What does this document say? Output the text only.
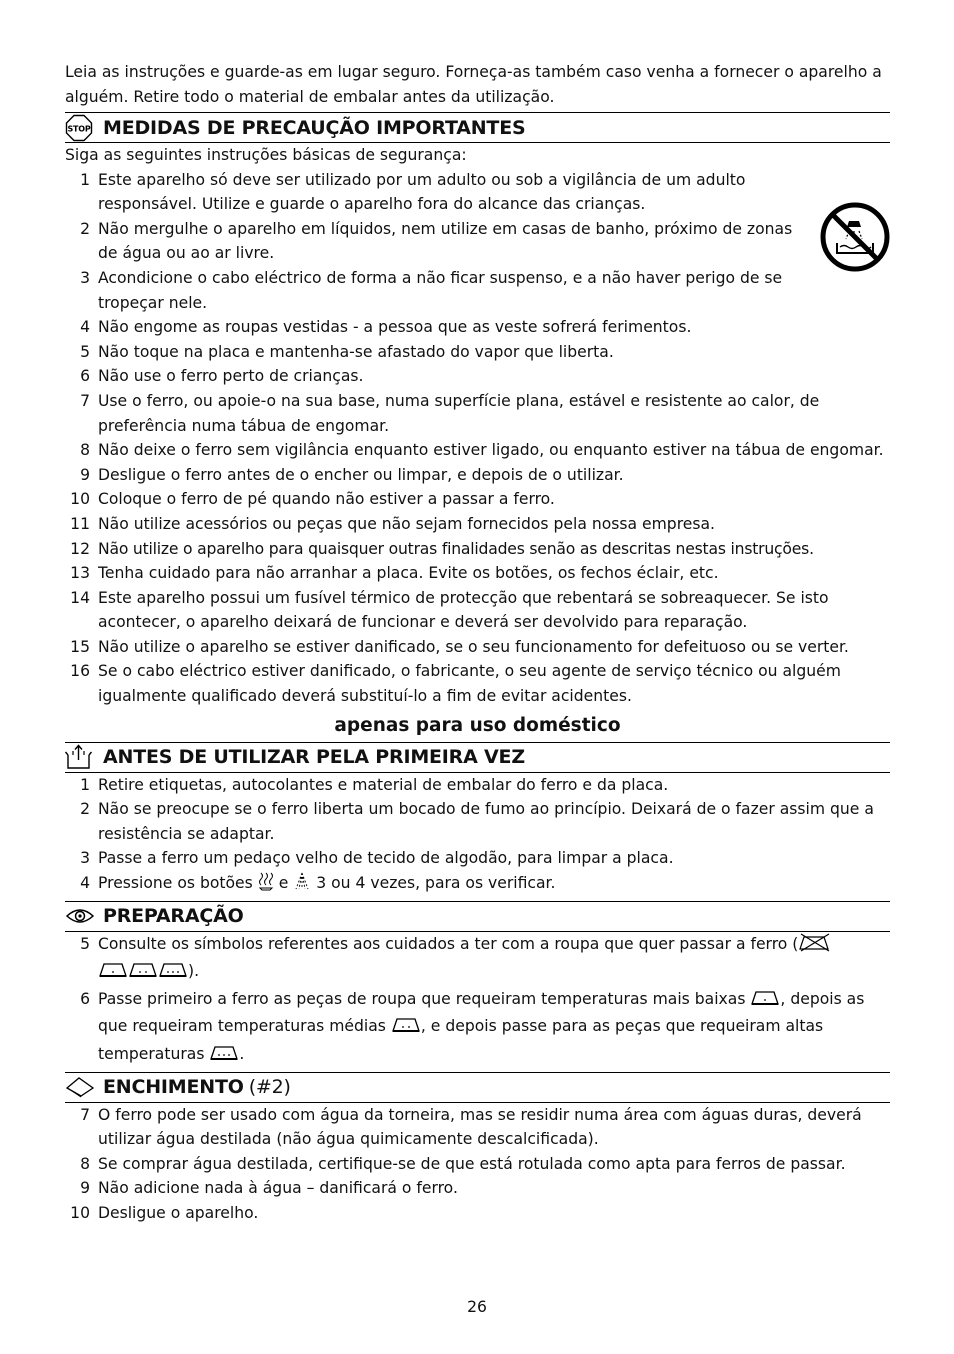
Leia as instruções e guarde-as em lugar seguro. Forneça-as também caso venha a fornecer o aparelho a alguém. Retire todo o material de embalar antes da utilização.

STOP MEDIDAS DE PRECAUÇÃO IMPORTANTES

Siga as seguintes instruções básicas de segurança:

1 Este aparelho só deve ser utilizado por um adulto ou sob a vigilância de um adulto responsável. Utilize e guarde o aparelho fora do alcance das crianças.
2 Não mergulhe o aparelho em líquidos, nem utilize em casas de banho, próximo de zonas de água ou ao ar livre.
3 Acondicione o cabo eléctrico de forma a não ficar suspenso, e a não haver perigo de se tropeçar nele.
4 Não engome as roupas vestidas - a pessoa que as veste sofrerá ferimentos.
5 Não toque na placa e mantenha-se afastado do vapor que liberta.
6 Não use o ferro perto de crianças.
7 Use o ferro, ou apoie-o na sua base, numa superfície plana, estável e resistente ao calor, de preferência numa tábua de engomar.
8 Não deixe o ferro sem vigilância enquanto estiver ligado, ou enquanto estiver na tábua de engomar.
9 Desligue o ferro antes de o encher ou limpar, e depois de o utilizar.
10 Coloque o ferro de pé quando não estiver a passar a ferro.
11 Não utilize acessórios ou peças que não sejam fornecidos pela nossa empresa.
12 Não utilize o aparelho para quaisquer outras finalidades senão as descritas nestas instruções.
13 Tenha cuidado para não arranhar a placa. Evite os botões, os fechos éclair, etc.
14 Este aparelho possui um fusível térmico de protecção que rebentará se sobreaquecer. Se isto acontecer, o aparelho deixará de funcionar e deverá ser devolvido para reparação.
15 Não utilize o aparelho se estiver danificado, se o seu funcionamento for defeituoso ou se verter.
16 Se o cabo eléctrico estiver danificado, o fabricante, o seu agente de serviço técnico ou alguém igualmente qualificado deverá substituí-lo a fim de evitar acidentes.

apenas para uso doméstico

ANTES DE UTILIZAR PELA PRIMEIRA VEZ
1 Retire etiquetas, autocolantes e material de embalar do ferro e da placa.
2 Não se preocupe se o ferro liberta um bocado de fumo ao princípio. Deixará de o fazer assim que a resistência se adaptar.
3 Passe a ferro um pedaço velho de tecido de algodão, para limpar a placa.
4 Pressione os botões e 3 ou 4 vezes, para os verificar.
PREPARAÇÃO
5 Consulte os símbolos referentes aos cuidados a ter com a roupa que quer passar a ferro (
).
6 Passe primeiro a ferro as peças de roupa que requeiram temperaturas mais baixas , depois as que requeiram temperaturas médias , e depois passe para as peças que requeiram altas temperaturas .
ENCHIMENTO (#2)
7 O ferro pode ser usado com água da torneira, mas se residir numa área com águas duras, deverá utilizar água destilada (não água quimicamente descalcificada).
8 Se comprar água destilada, certifique-se de que está rotulada como apta para ferros de passar.
9 Não adicione nada à água – danificará o ferro.
10 Desligue o aparelho.
26
